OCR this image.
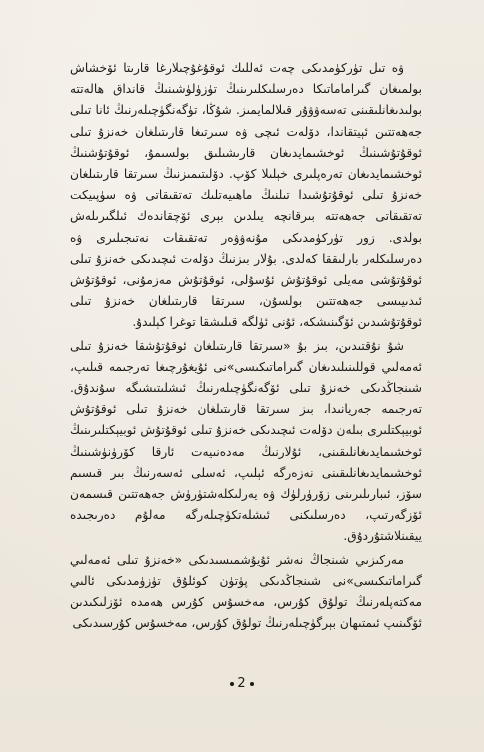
ۋە تىل تۈركۈمدىكى چەت ئەللىك ئوقۇغۇچىلارغا قارىتا ئۆخشاش بولمىغان گىراماماتىكا دەرسلىكلىرىنىڭ تۈزۈلۈشىنىڭ قانداق ھالەتتە بولىدىغانلىقىنى تەسەۋۋۇر قىلالمايمىز. شۇڭا، تۈگەنگۈچىلەرنىڭ ئانا تىلى جەھەتتىن ئېيتقاندا، دۆلەت ئىچى ۋە سىرتىغا قارىتىلغان خەنزۇ تىلى ئوقۇتۇشىنىڭ ئوخشىمايدىغان قارىشىلىق بولسىمۇ، ئوقۇتۇشنىڭ ئوخشىمايدىغان تەرەپلىرى خېلىلا كۆپ. دۆلىتىمىزنىڭ سىرتقا قارىتىلغان خەنزۇ تىلى ئوقۇتۇشىدا تىلنىڭ ماھىيەتلىك تەتقىقاتى ۋە سۈپىيكت تەتقىقاتى جەھەتتە بىرقانچە يىلدىن بېرى ئۆچقاندەك ئىلگىرىلەش بولدى. زور تۈركۈمدىكى مۇنەۋۋەر تەتقىقات نەتىجىلىرى ۋە دەرسلىكلەر بارلىققا كەلدى. بۇلار بىزنىڭ دۆلەت ئىچىدىكى خەنزۇ تىلى ئوقۇتۇشى مەيلى ئوقۇتۇش ئۇسۇلى، ئوقۇتۇش مەزمۇنى، ئوقۇتۇش ئىدىيىسى جەھەتتىن بولسۇن، سىرتقا قارىتىلغان خەنزۇ تىلى ئوقۇتۇشىدىن ئۆگىنىشكە، ئۇنى ئۈلگە قىلىشقا توغرا كېلىدۇ.

شۇ نۇقتىدىن، بىز بۇ «سىرتقا قارىتىلغان ئوقۇتۇشقا خەنزۇ تىلى ئەمەلىي قوللىنىلىدىغان گىراماتىكىسى»نى ئۇيغۇرچىغا تەرجىمە قىلىپ، شىنجاڭدىكى خەنزۇ تىلى ئۆگەنگۈچىلەرنىڭ ئىشلىتىشىگە سۇندۇق. تەرجىمە جەريانىدا، بىز سىرتقا قارىتىلغان خەنزۇ تىلى ئوقۇتۇش ئوبيېكتلىرى بىلەن دۆلەت ئىچىدىكى خەنزۇ تىلى ئوقۇتۇش ئوبيېكتلىرىنىڭ ئوخشىمايدىغانلىقىنى، ئۇلارنىڭ مەدەنىيەت ئارقا كۆرۈنۈشىنىڭ ئوخشىمايدىغانلىقىنى نەزەرگە ئېلىپ، ئەسلى ئەسەرنىڭ بىر قىسىم سۆز، ئىبارىلىرىنى زۆرۈرلۈك ۋە يەرلىكلەشتۈرۈش جەھەتتىن قىسمەن ئۆزگەرتىپ، دەرسلىكنى ئىشلەتكۈچىلەرگە مەلۇم دەرىجىدە ييقىنلاشتۇردۇق.

مەركىزىي شىنجاڭ نەشر ئۇيۇشمىسىدىكى «خەنزۇ تىلى ئەمەلىي گىراماتىكىسى»نى شىنجاڭدىكى پۈتۈن كوئلۇق تۈزۈمدىكى ئالىي مەكتەپلەرنىڭ تولۇق كۇرس، مەخسۇس كۇرس ھەمدە ئۆزلىكىدىن ئۆگىنىپ ئىمتىھان بېرگۈچىلەرنىڭ تولۇق كۇرس، مەخسۇس كۇرسىدىكى

2
